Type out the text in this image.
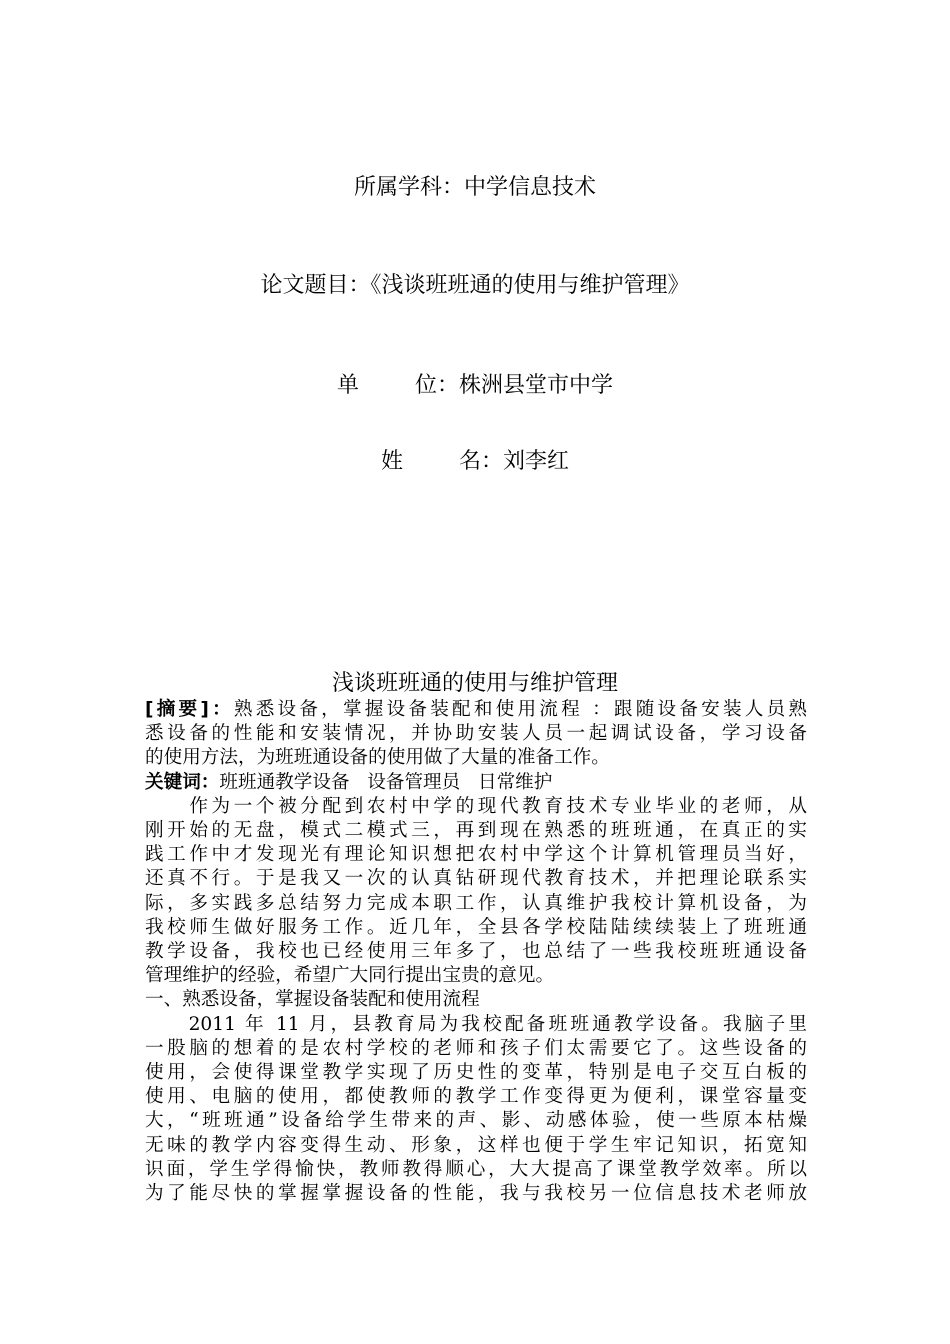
所属学科：中学信息技术
论文题目：《浅谈班班通的使用与维护管理》
单        位：株洲县堂市中学
姓        名：刘李红
浅谈班班通的使用与维护管理
[摘要]：熟悉设备，掌握设备装配和使用流程 ：跟随设备安装人员熟
悉设备的性能和安装情况，并协助安装人员一起调试设备，学习设备
的使用方法，为班班通设备的使用做了大量的准备工作。
关键词：班班通教学设备   设备管理员   日常维护
　　作为一个被分配到农村中学的现代教育技术专业毕业的老师，从
刚开始的无盘，模式二模式三，再到现在熟悉的班班通，在真正的实
践工作中才发现光有理论知识想把农村中学这个计算机管理员当好，
还真不行。于是我又一次的认真钻研现代教育技术，并把理论联系实
际，多实践多总结努力完成本职工作，认真维护我校计算机设备，为
我校师生做好服务工作。近几年，全县各学校陆陆续续装上了班班通
教学设备，我校也已经使用三年多了，也总结了一些我校班班通设备
管理维护的经验，希望广大同行提出宝贵的意见。
一、熟悉设备，掌握设备装配和使用流程
　　2011 年 11 月，县教育局为我校配备班班通教学设备。我脑子里
一股脑的想着的是农村学校的老师和孩子们太需要它了。这些设备的
使用，会使得课堂教学实现了历史性的变革，特别是电子交互白板的
使用、电脑的使用，都使教师的教学工作变得更为便利，课堂容量变
大，“班班通”设备给学生带来的声、影、动感体验，使一些原本枯燥
无味的教学内容变得生动、形象，这样也便于学生牢记知识，拓宽知
识面，学生学得愉快，教师教得顺心，大大提高了课堂教学效率。所以
为了能尽快的掌握掌握设备的性能，我与我校另一位信息技术老师放
